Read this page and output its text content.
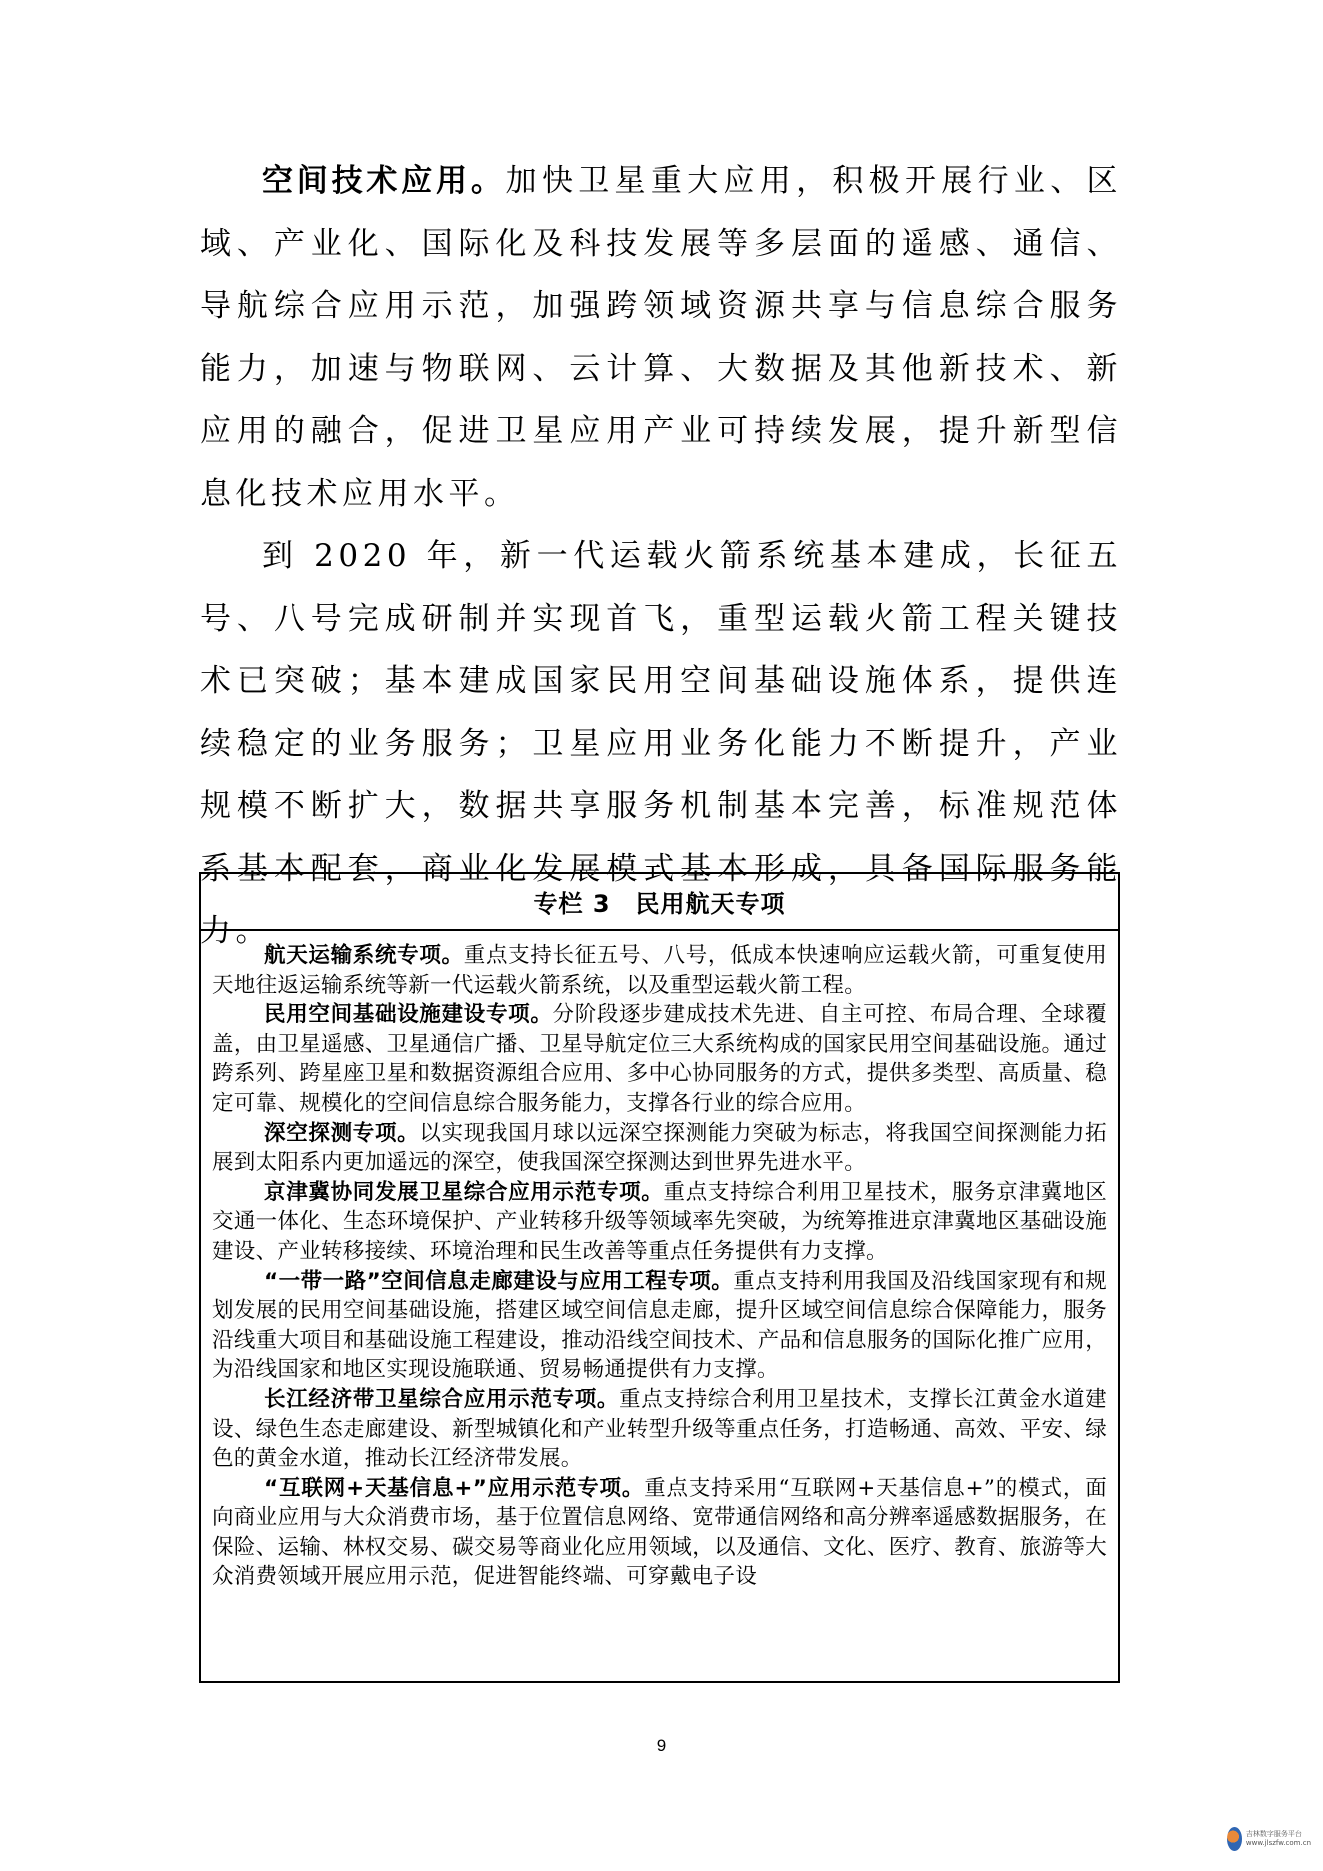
空间技术应用。加快卫星重大应用，积极开展行业、区域、产业化、国际化及科技发展等多层面的遥感、通信、导航综合应用示范，加强跨领域资源共享与信息综合服务能力，加速与物联网、云计算、大数据及其他新技术、新应用的融合，促进卫星应用产业可持续发展，提升新型信息化技术应用水平。

到 2020 年，新一代运载火箭系统基本建成，长征五号、八号完成研制并实现首飞，重型运载火箭工程关键技术已突破；基本建成国家民用空间基础设施体系，提供连续稳定的业务服务；卫星应用业务化能力不断提升，产业规模不断扩大，数据共享服务机制基本完善，标准规范体系基本配套，商业化发展模式基本形成，具备国际服务能力。

专栏 3　民用航天专项

航天运输系统专项。重点支持长征五号、八号，低成本快速响应运载火箭，可重复使用天地往返运输系统等新一代运载火箭系统，以及重型运载火箭工程。

民用空间基础设施建设专项。分阶段逐步建成技术先进、自主可控、布局合理、全球覆盖，由卫星遥感、卫星通信广播、卫星导航定位三大系统构成的国家民用空间基础设施。通过跨系列、跨星座卫星和数据资源组合应用、多中心协同服务的方式，提供多类型、高质量、稳定可靠、规模化的空间信息综合服务能力，支撑各行业的综合应用。

深空探测专项。以实现我国月球以远深空探测能力突破为标志，将我国空间探测能力拓展到太阳系内更加遥远的深空，使我国深空探测达到世界先进水平。

京津冀协同发展卫星综合应用示范专项。重点支持综合利用卫星技术，服务京津冀地区交通一体化、生态环境保护、产业转移升级等领域率先突破，为统筹推进京津冀地区基础设施建设、产业转移接续、环境治理和民生改善等重点任务提供有力支撑。

“一带一路”空间信息走廊建设与应用工程专项。重点支持利用我国及沿线国家现有和规划发展的民用空间基础设施，搭建区域空间信息走廊，提升区域空间信息综合保障能力，服务沿线重大项目和基础设施工程建设，推动沿线空间技术、产品和信息服务的国际化推广应用，为沿线国家和地区实现设施联通、贸易畅通提供有力支撑。

长江经济带卫星综合应用示范专项。重点支持综合利用卫星技术，支撑长江黄金水道建设、绿色生态走廊建设、新型城镇化和产业转型升级等重点任务，打造畅通、高效、平安、绿色的黄金水道，推动长江经济带发展。

“互联网+天基信息+”应用示范专项。重点支持采用“互联网+天基信息+”的模式，面向商业应用与大众消费市场，基于位置信息网络、宽带通信网络和高分辨率遥感数据服务，在保险、运输、林权交易、碳交易等商业化应用领域，以及通信、文化、医疗、教育、旅游等大众消费领域开展应用示范，促进智能终端、可穿戴电子设

9
吉林数字服务平台
www.jlszfw.com.cn
